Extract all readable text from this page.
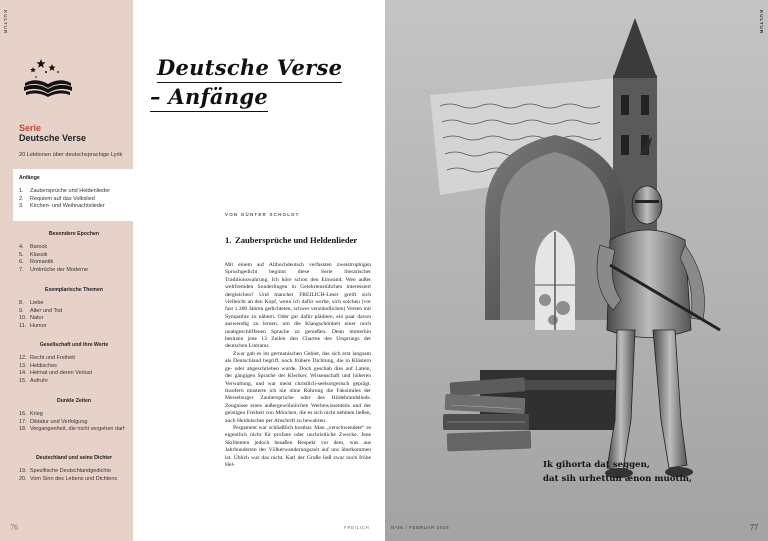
KULTUR
Serie
Deutsche Verse
20 Lektionen über deutschsprachige Lyrik
Anfänge
1.	Zaubersprüche und Heldenlieder
2.	Requiem auf das Volkslied
3.	Kirchen- und Weihnachtslieder
Besondere Epochen
4.	Barock
5.	Klassik
6.	Romantik
7.	Umbrüche der Moderne
Exemplarische Themen
8.	Liebe
9.	Alter und Tod
10. Natur
11. Humor
Gesellschaft und ihre Werte
12. Recht und Freiheit
13. Heldisches
14. Heimat und deren Verlust
15. Aufruhr
Dunkle Zeiten
16. Krieg
17. Diktatur und Verfolgung
18. Vergangenheit, die nicht vergehen darf
Deutschland und seine Dichter
19. Spezifische Deutschlandgedichte
20. Vom Sinn des Lebens und Dichtens
76
Deutsche Verse
– Anfänge
VON GÜNTER SCHOLDT
1. Zaubersprüche und Heldenlieder

Mit einem auf Althochdeutsch verfassten zweistrophigen Spruchgedicht beginnt diese Serie literarischer Traditionswahrung. Ich höre schon den Einwand: Wen außer weltfremden Sonderlingen in Gelehrtenstübchen interessiert dergleichen? Und mancher FREILICH-Leser greift sich vielleicht an den Kopf, wenn ich dafür werbe, sich solchen (vor fast 1.300 Jahren gedichteten, schwer verständlichen) Versen mit Sympathie zu nähern. Oder gar dafür plädiere, ein paar davon auswendig zu lernen, um die Klangschönheit einer noch unabgeschliffenen Sprache zu genießen. Denn immerhin besitzen jene 13 Zeilen den Charme des Ursprungs der deutschen Literatur.

Zwar gab es im germanischen Gebiet, das sich erst langsam als Deutschland begriff, noch frühere Dichtung, die in Klöstern ge- oder abgeschrieben wurde. Doch geschah dies auf Latein, der gängigen Sprache der Kleriker, Wissenschaft und höheren Verwaltung, und war meist christlich-seelsorgerisch geprägt. Insofern musterte ich nie ohne Rührung die Faksimiles der Merseburger Zaubersprüche oder des Hildebrandslieds. Zeugnisse eines außergewöhnlichen Werbewissenteils und der geistigen Freiheit von Mönchen, die es sich nicht nehmen ließen, auch Heidnisches per Abschrift zu bewahren.

Pergament war schließlich kostbar. Man „verschwendete“ es eigentlich nicht für profane oder unchristliche Zwecke. Jene Skribenten jedoch besaßen Respekt vor dem, was aus Jahrhunderten der Völkerwanderungszeit auf uns überkommen ist. Üblich war das nicht. Karl der Große ließ zwar noch frühe Hel-

FREILICH
KULTUR
Ik gihorta dat seggen,
dat sih urhettun ænon muotin,
Nº38 / FEBRUAR 2026	77
